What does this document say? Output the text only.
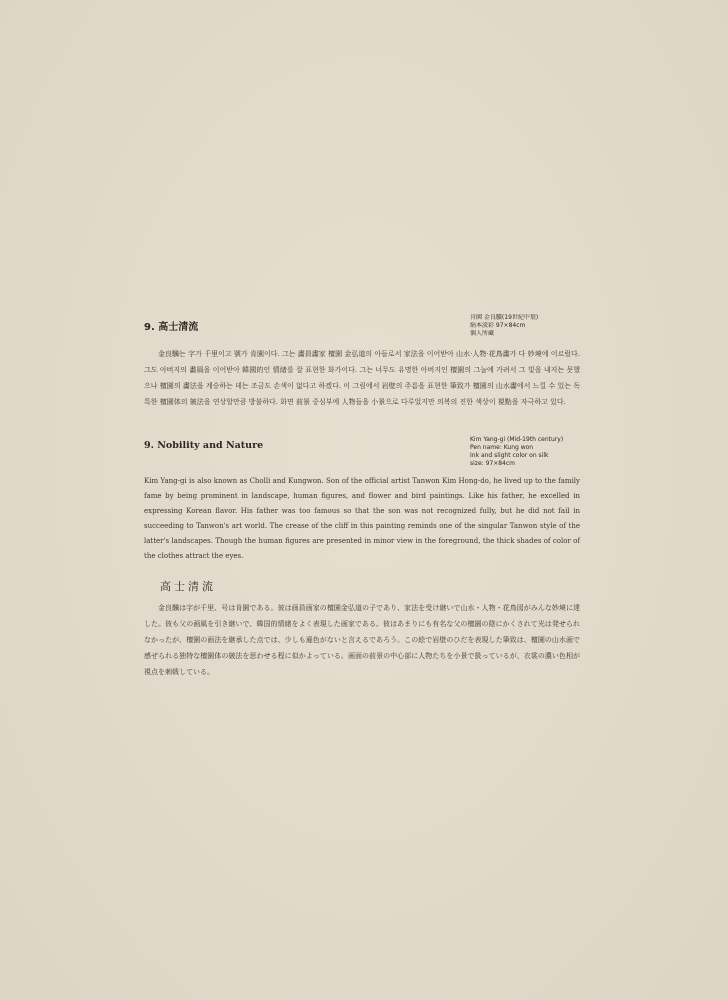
9. 高士清流
肯園 金良驥(19世紀中葉)
絹本淡彩 97×84cm
個人所藏
金良驥는 字가 千里이고 號가 肯園이다. 그는 畵員畵家 檀園 金弘道의 아들로서 家法을 이어받아 山水·人物·花鳥畵가 다 妙境에 이르렀다. 그도 아버지의 畵風을 이어받아 韓國的인 情緖를 잘 표현한 화가이다. 그는 너무도 유명한 아버지인 檀園의 그늘에 가려서 그 빛을 내지는 못했으나 檀園의 畵法을 계승하는 데는 조금도 손색이 없다고 하겠다. 이 그림에서 岩壁의 주름을 표현한 筆致가 檀園의 山水畵에서 느낄 수 있는 독특한 檀園体의 皴法을 연상할만큼 방불하다. 화면 前景 중심부에 人物들을 小景으로 다루었지만 의복의 진한 색상이 視點을 자극하고 있다.
9. Nobility and Nature
Kim Yang-gi (Mid-19th century)
Pen name: Kung won
Ink and slight color on silk
size: 97×84cm
Kim Yang-gi is also known as Cholli and Kungwon. Son of the official artist Tanwon Kim Hong-do, he lived up to the family fame by being prominent in landscape, human figures, and flower and bird paintings. Like his father, he excelled in expressing Korean flavor. His father was too famous so that the son was not recognized fully, but he did not fail in succeeding to Tanwon's art world. The crease of the cliff in this painting reminds one of the singular Tanwon style of the latter's landscapes. Though the human figures are presented in minor view in the foreground, the thick shades of color of the clothes attract the eyes.
高士清流
金良驥は字が千里、号は肯園である。彼は画員画家の檀園金弘道の子であり、家法を受け継いで山水・人物・花鳥図がみんな妙境に達した。彼も父の画風を引き継いで、韓国的情緒をよく表現した画家である。彼はあまりにも有名な父の檀園の陰にかくされて光は発せられなかったが、檀園の画法を継承した点では、少しも遜色がないと言えるであろう。この絵で岩壁のひだを表現した筆致は、檀園の山水画で感ぜられる独特な檀園体の皴法を思わせる程に似かよっている。画面の前景の中心部に人物たちを小景で扱っているが、衣裳の濃い色相が視点を刺戟している。
